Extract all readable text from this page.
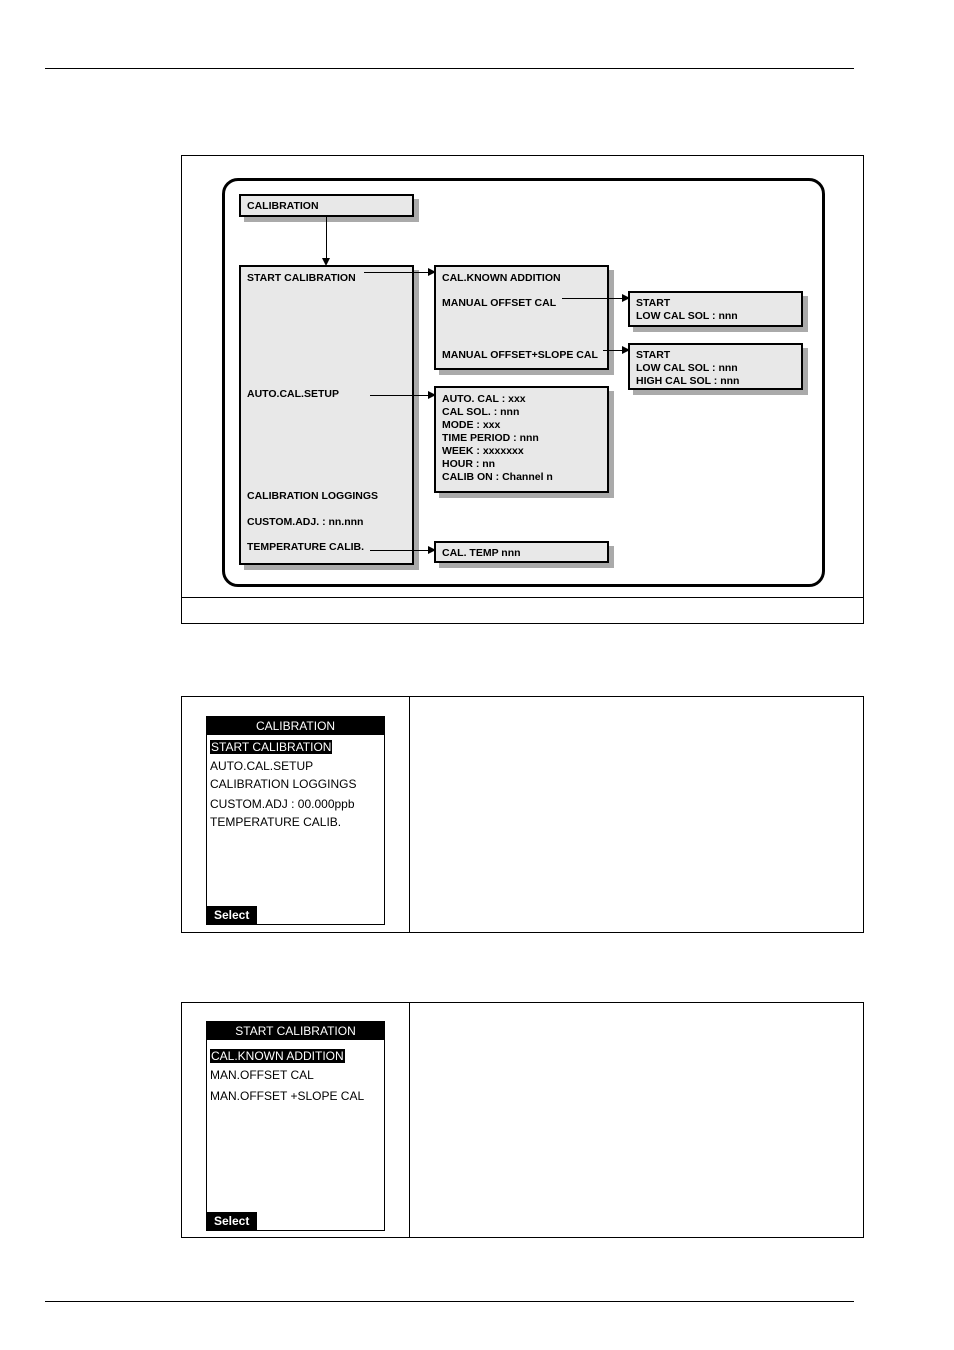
CALIBRATION
START CALIBRATION
AUTO.CAL.SETUP
CALIBRATION LOGGINGS
CUSTOM.ADJ. : nn.nnn
TEMPERATURE CALIB.
CAL.KNOWN ADDITION
MANUAL OFFSET CAL
MANUAL OFFSET+SLOPE CAL
START
LOW CAL SOL : nnn
START
LOW CAL SOL : nnn
HIGH CAL SOL : nnn
AUTO. CAL : xxx
CAL SOL. : nnn
MODE : xxx
TIME PERIOD : nnn
WEEK : xxxxxxx
HOUR : nn
CALIB ON : Channel n
CAL. TEMP nnn
CALIBRATION
START CALIBRATION
AUTO.CAL.SETUP
CALIBRATION LOGGINGS
CUSTOM.ADJ : 00.000ppb
TEMPERATURE CALIB.
Select
START CALIBRATION
CAL.KNOWN ADDITION
MAN.OFFSET CAL
MAN.OFFSET +SLOPE CAL
Select
